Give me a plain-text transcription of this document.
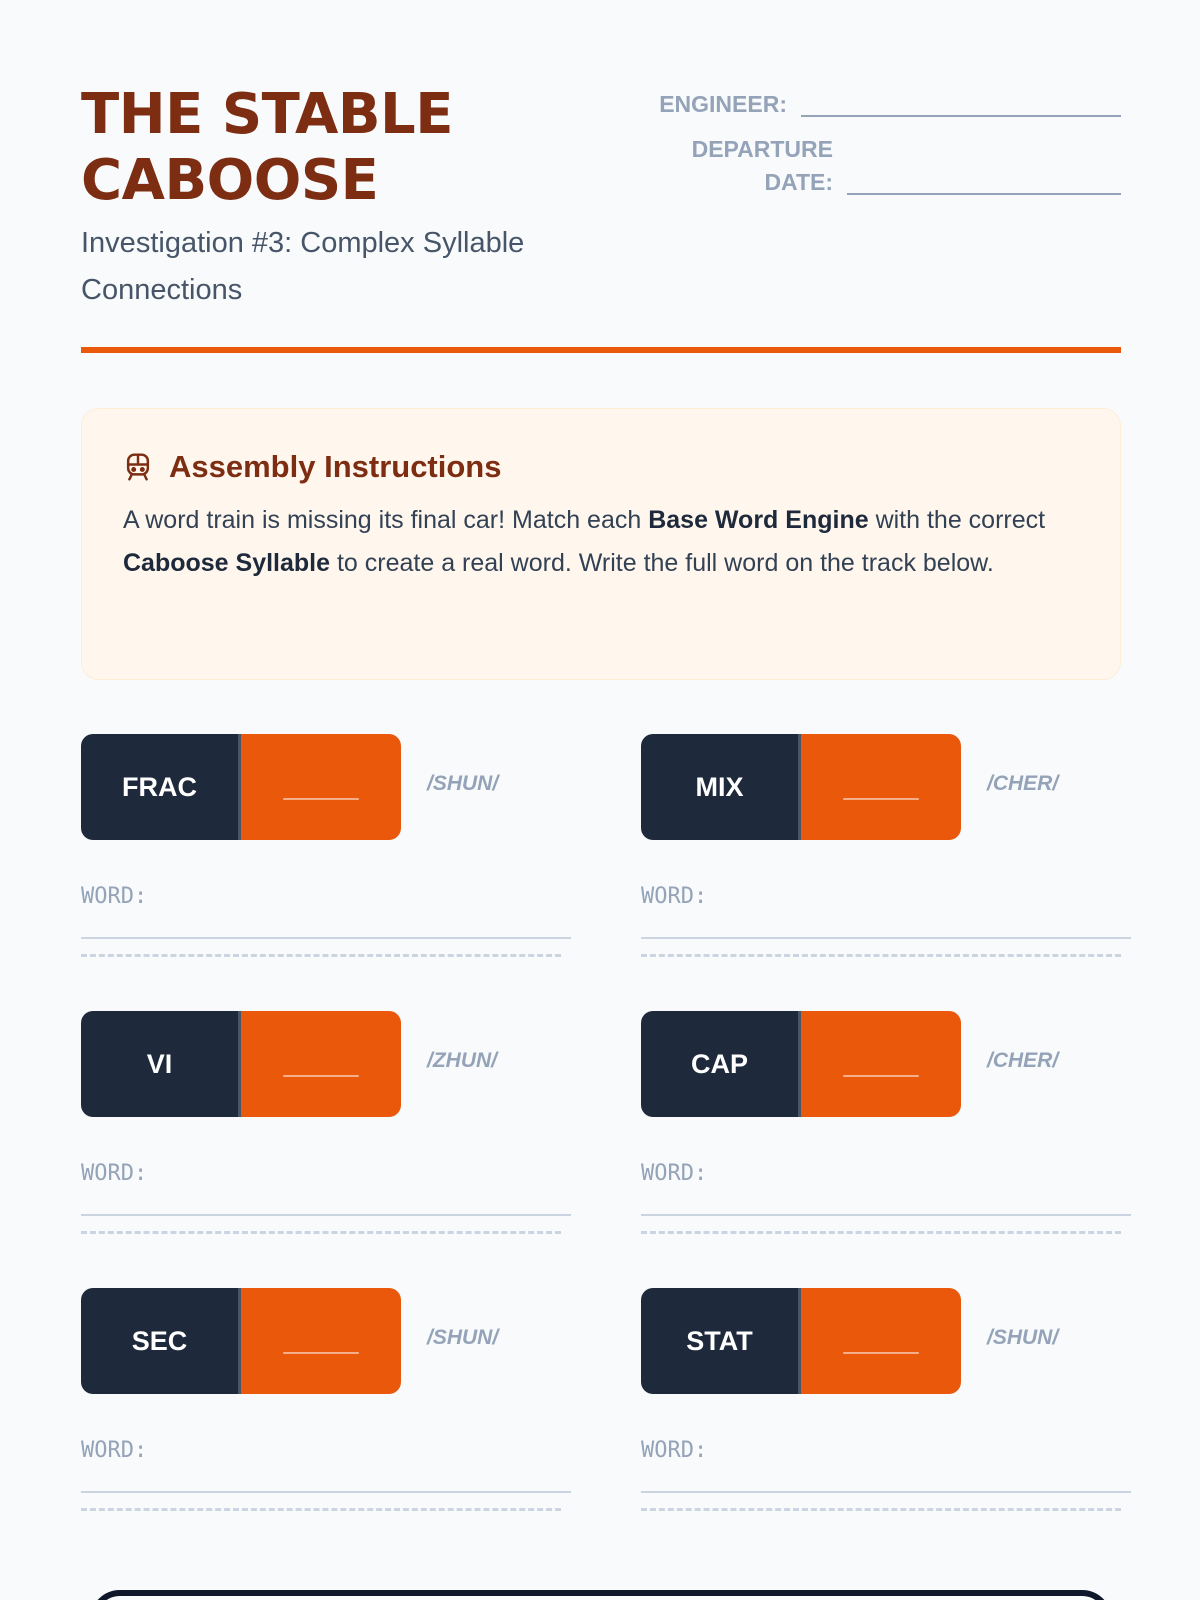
THE STABLE CABOOSE
Investigation #3: Complex Syllable Connections
ENGINEER:
DEPARTURE DATE:
Assembly Instructions

A word train is missing its final car! Match each Base Word Engine with the correct Caboose Syllable to create a real word. Write the full word on the track below.

FRAC	_____	/SHUN/
WORD:
MIX	_____	/CHER/
WORD:
VI	_____	/ZHUN/
WORD:
CAP	_____	/CHER/
WORD:
SEC	_____	/SHUN/
WORD:
STAT	_____	/SHUN/
WORD:
